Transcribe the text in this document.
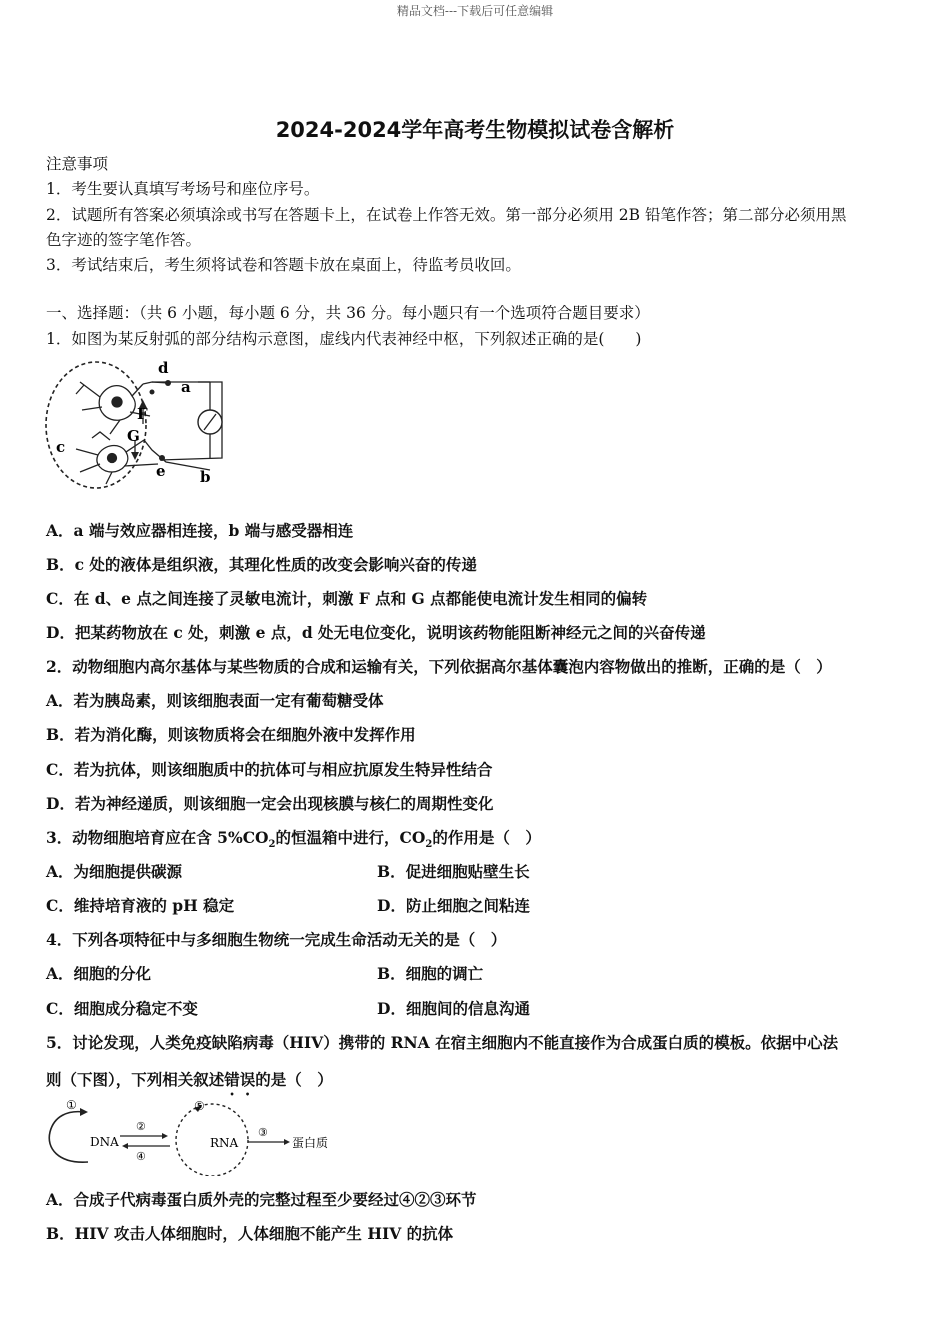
精品文档---下载后可任意编辑
2024-2024学年高考生物模拟试卷含解析
注意事项
1．考生要认真填写考场号和座位序号。
2．试题所有答案必须填涂或书写在答题卡上，在试卷上作答无效。第一部分必须用 2B 铅笔作答；第二部分必须用黑
色字迹的签字笔作答。
3．考试结束后，考生须将试卷和答题卡放在桌面上，待监考员收回。
一、选择题：（共 6 小题，每小题 6 分，共 36 分。每小题只有一个选项符合题目要求）
1．如图为某反射弧的部分结构示意图，虚线内代表神经中枢，下列叙述正确的是(　　)
d
a
F
G
c
e b
A．a 端与效应器相连接，b 端与感受器相连
B．c 处的液体是组织液，其理化性质的改变会影响兴奋的传递
C．在 d、e 点之间连接了灵敏电流计，刺激 F 点和 G 点都能使电流计发生相同的偏转
D．把某药物放在 c 处，刺激 e 点，d 处无电位变化，说明该药物能阻断神经元之间的兴奋传递
2．动物细胞内高尔基体与某些物质的合成和运输有关，下列依据高尔基体囊泡内容物做出的推断，正确的是（　）
A．若为胰岛素，则该细胞表面一定有葡萄糖受体
B．若为消化酶，则该物质将会在细胞外液中发挥作用
C．若为抗体，则该细胞质中的抗体可与相应抗原发生特异性结合
D．若为神经递质，则该细胞一定会出现核膜与核仁的周期性变化
3．动物细胞培育应在含 $5\%CO_2$的恒温箱中进行，$CO_2$的作用是（　）
A．为细胞提供碳源	B．促进细胞贴壁生长
C．维持培育液的 pH 稳定	D．防止细胞之间粘连
4．下列各项特征中与多细胞生物统一完成生命活动无关的是（　）
A．细胞的分化	B．细胞的调亡
C．细胞成分稳定不变	D．细胞间的信息沟通
5．讨论发现，人类免疫缺陷病毒（HIV）携带的 RNA 在宿主细胞内不能直接作为合成蛋白质的模板。依据中心法
则（下图），下列相关叙述错误的是（　）
①
DNA
②
④
⑤
RNA
③
蛋白质
A．合成子代病毒蛋白质外壳的完整过程至少要经过④②③环节
B．HIV 攻击人体细胞时，人体细胞不能产生 HIV 的抗体
